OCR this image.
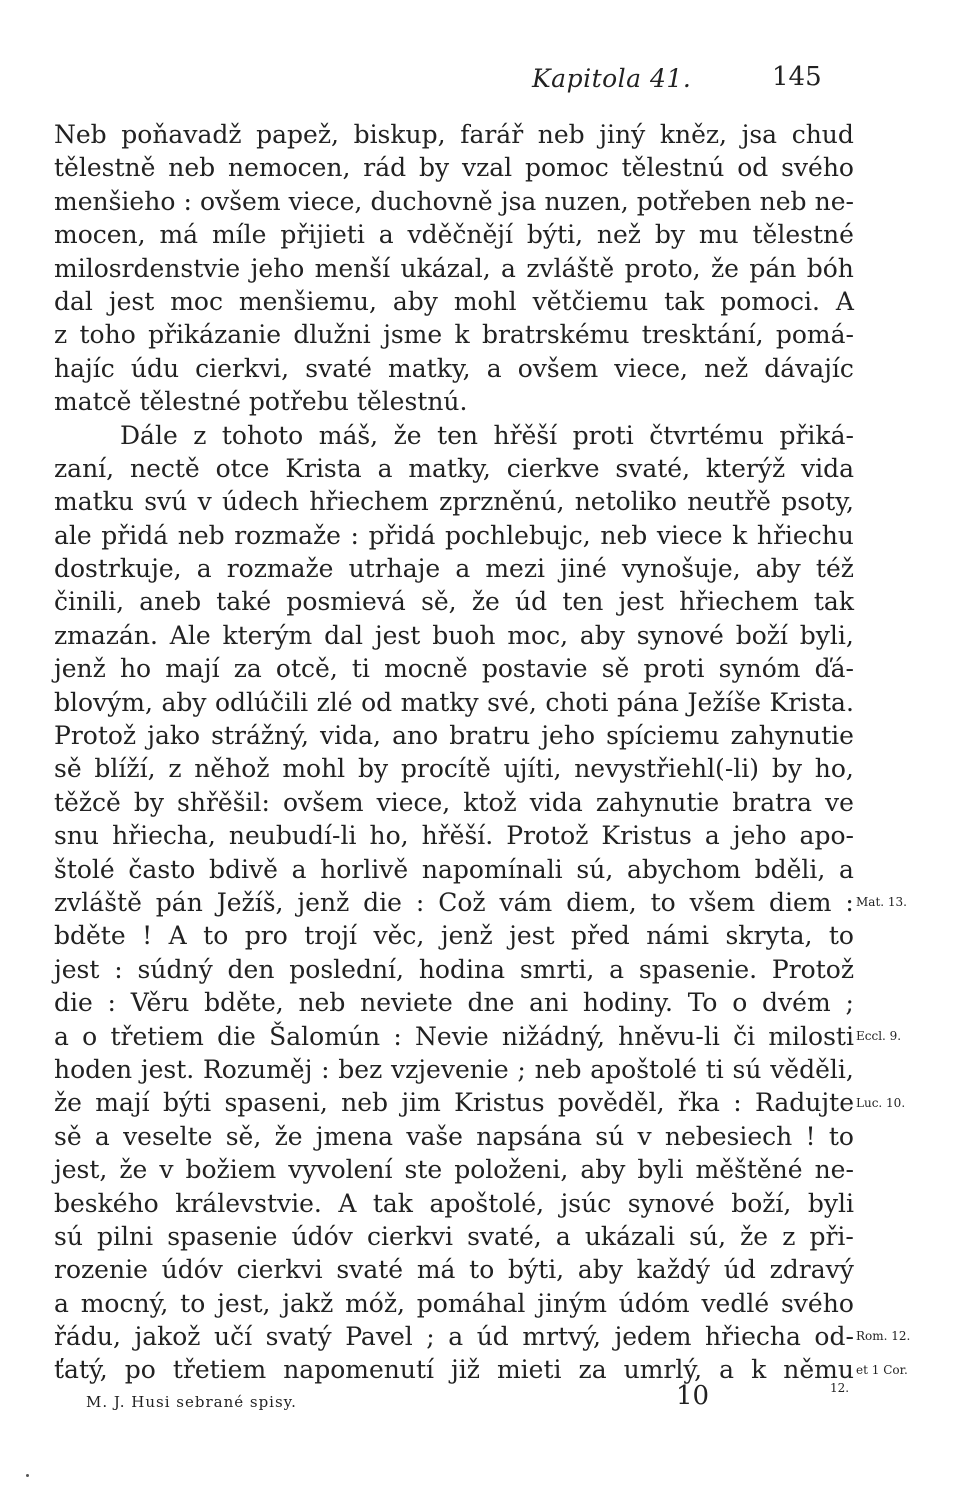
Kapitola 41.	145
Neb poňavadž papež, biskup, farář neb jiný kněz, jsa chud
tělestně neb nemocen, rád by vzal pomoc tělestnú od svého
menšieho : ovšem viece, duchovně jsa nuzen, potřeben neb ne-
mocen, má míle přijieti a vděčnějí býti, než by mu tělestné
milosrdenstvie jeho menší ukázal, a zvláště proto, že pán bóh
dal jest moc menšiemu, aby mohl větčiemu tak pomoci. A
z toho přikázanie dlužni jsme k bratrskému tresktání, pomá-
hajíc údu cierkvi, svaté matky, a ovšem viece, než dávajíc
matcě tělestné potřebu tělestnú.
Dále z tohoto máš, že ten hřěší proti čtvrtému přiká-
zaní, nectě otce Krista a matky, cierkve svaté, kterýž vida
matku svú v údech hřiechem zprzněnú, netoliko neutřě psoty,
ale přidá neb rozmaže : přidá pochlebujc, neb viece k hřiechu
dostrkuje, a rozmaže utrhaje a mezi jiné vynošuje, aby též
činili, aneb také posmievá sě, že úd ten jest hřiechem tak
zmazán. Ale kterým dal jest buoh moc, aby synové boží byli,
jenž ho mají za otcě, ti mocně postavie sě proti synóm ďá-
blovým, aby odlúčili zlé od matky své, choti pána Ježíše Krista.
Protož jako strážný, vida, ano bratru jeho spíciemu zahynutie
sě blíží, z něhož mohl by procítě ujíti, nevystřiehl(-li) by ho,
těžcě by shřěšil: ovšem viece, ktož vida zahynutie bratra ve
snu hřiecha, neubudí-li ho, hřěší. Protož Kristus a jeho apo-
štolé často bdivě a horlivě napomínali sú, abychom bděli, a
zvláště pán Ježíš, jenž die : Což vám diem, to všem diem : Mat. 13.
bděte ! A to pro trojí věc, jenž jest před námi skryta, to
jest : súdný den poslední, hodina smrti, a spasenie. Protož
die : Věru bděte, neb neviete dne ani hodiny. To o dvém ;
a o třetiem die Šalomún : Nevie nižádný, hněvu-li či milosti Eccl. 9.
hoden jest. Rozuměj : bez vzjevenie ; neb apoštolé ti sú věděli,
že mají býti spaseni, neb jim Kristus pověděl, řka : Radujte Luc. 10.
sě a veselte sě, že jmena vaše napsána sú v nebesiech ! to
jest, že v božiem vyvolení ste položeni, aby byli měštěné ne-
beského králevstvie. A tak apoštolé, jsúc synové boží, byli
sú pilni spasenie údóv cierkvi svaté, a ukázali sú, že z při-
rozenie údóv cierkvi svaté má to býti, aby každý úd zdravý
a mocný, to jest, jakž móž, pomáhal jiným údóm vedlé svého
řádu, jakož učí svatý Pavel ; a úd mrtvý, jedem hřiecha od- Rom. 12.
ťatý, po třetiem napomenutí již mieti za umrlý, a k němu et 1 Cor.
12.
M. J. Husi sebrané spisy.	10
